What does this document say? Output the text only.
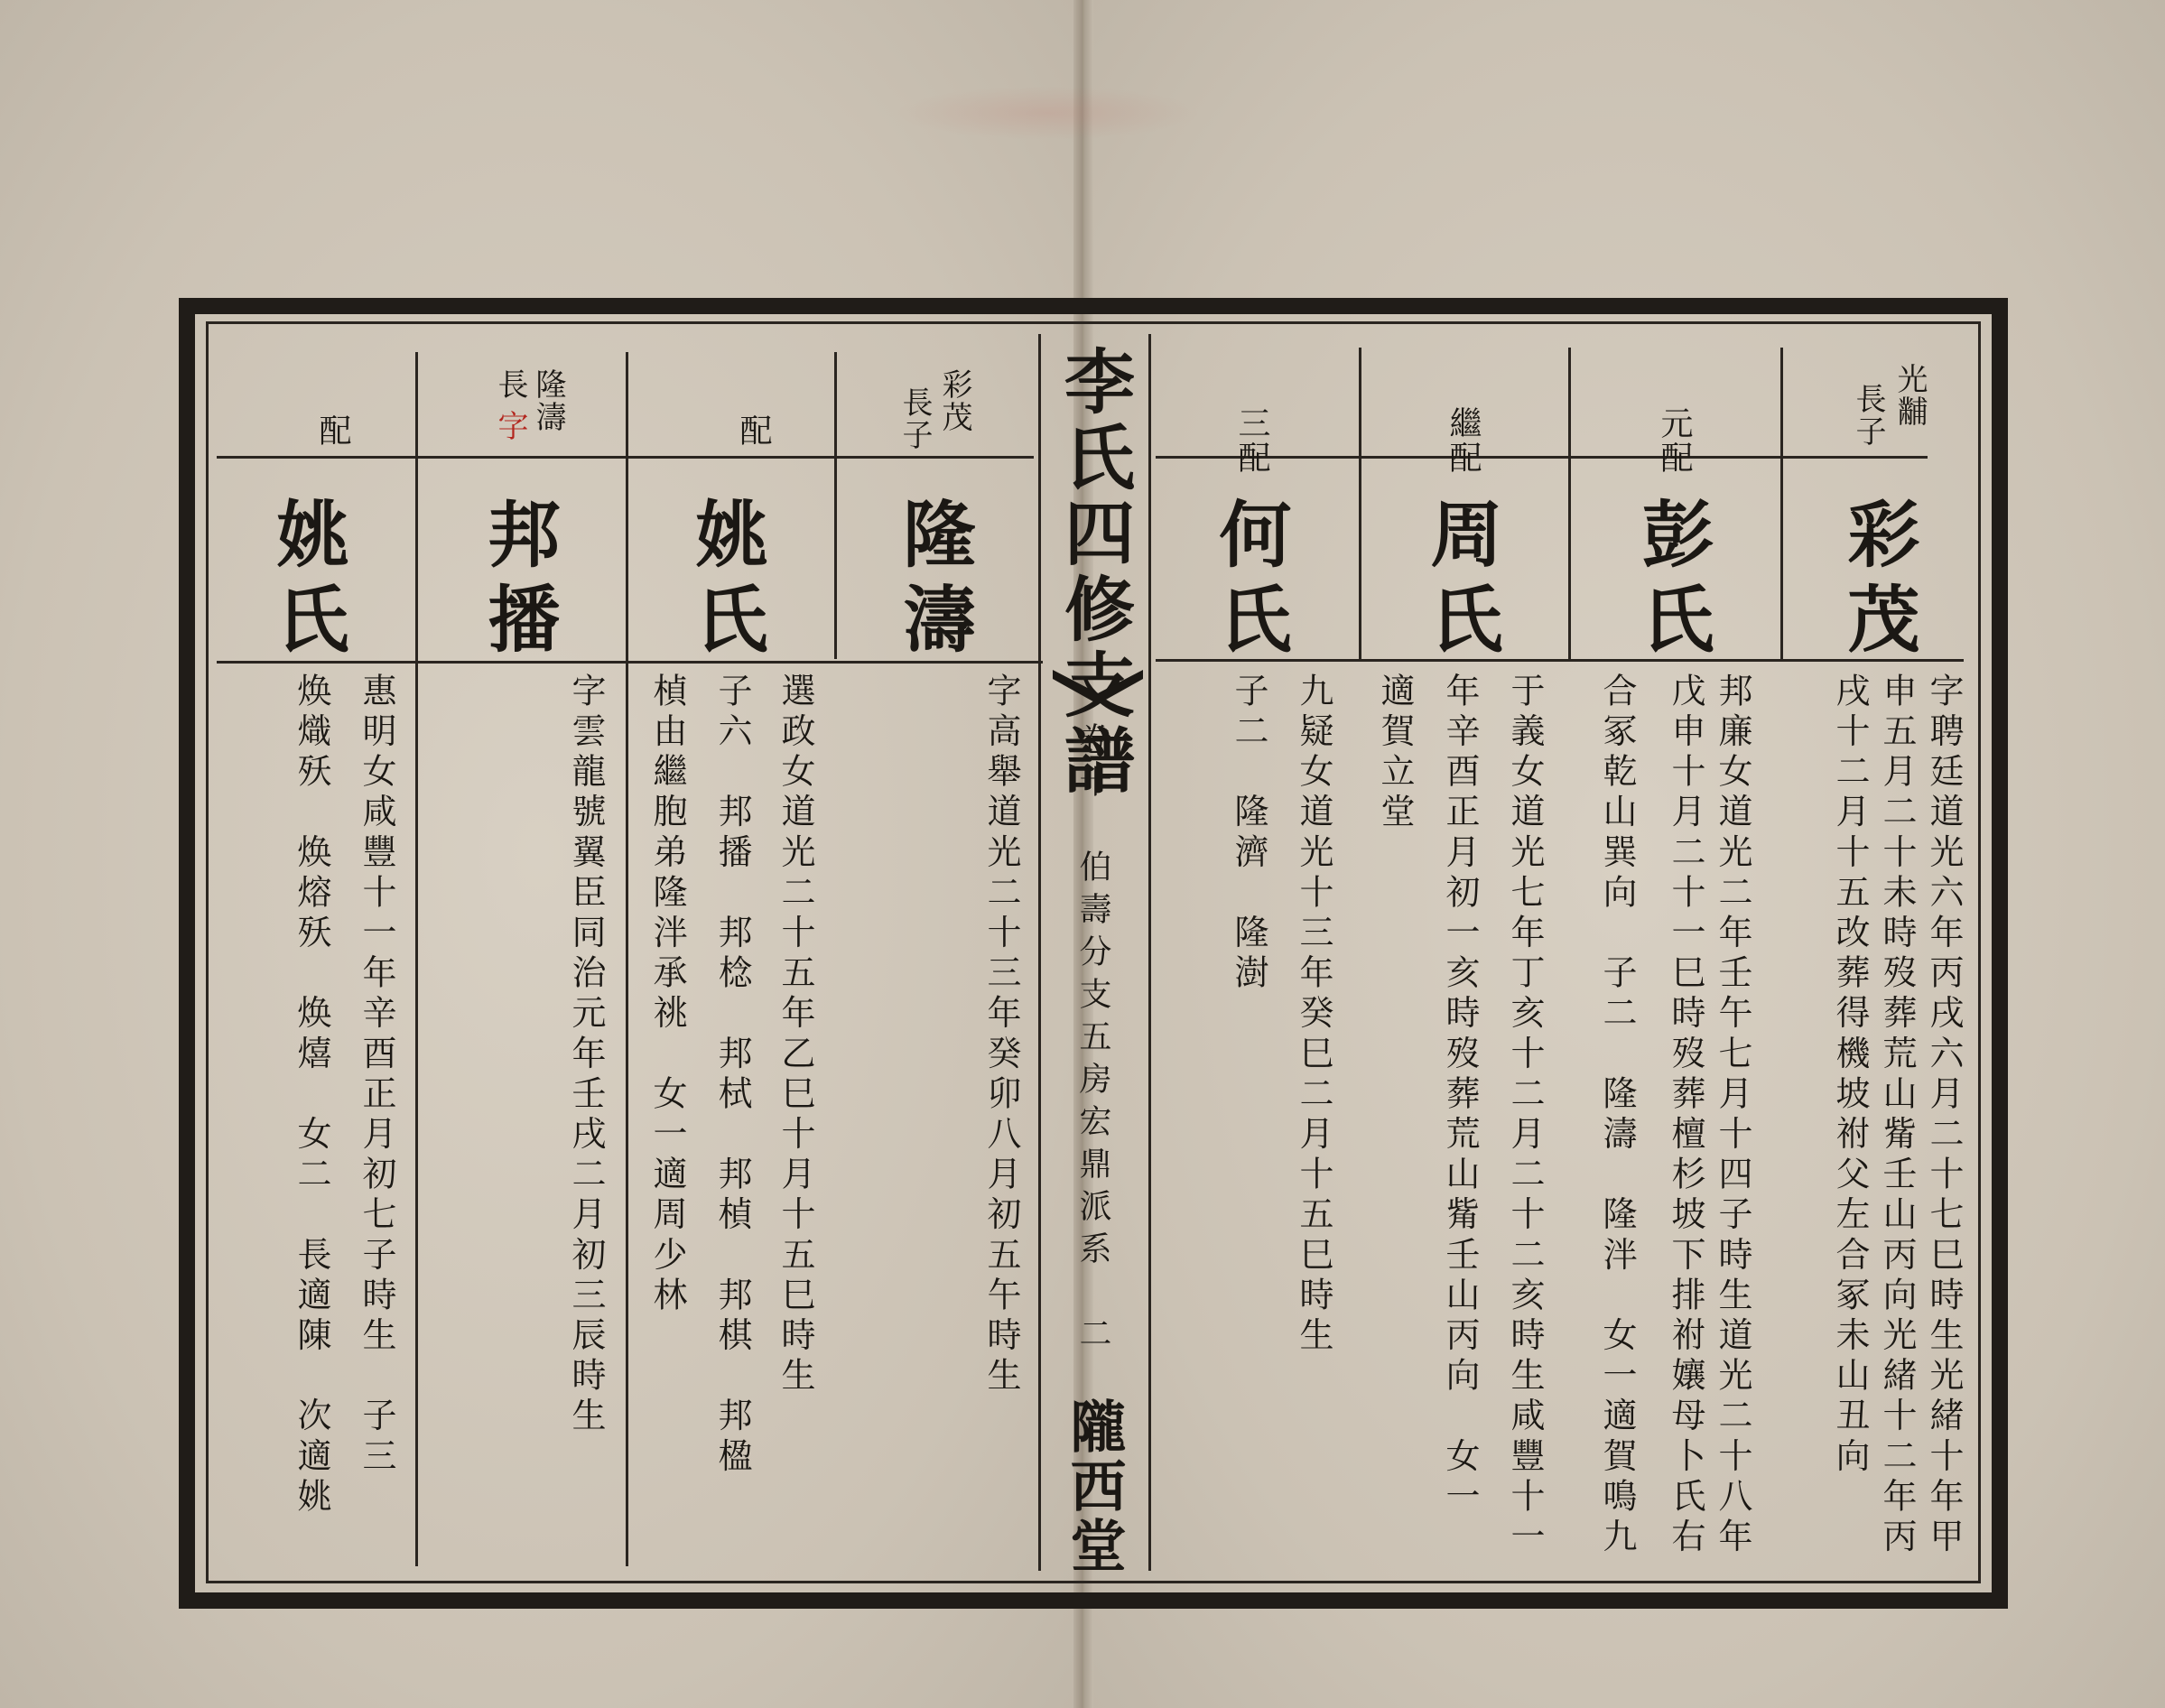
李氏四修支譜
卷十　伯壽分支五房宏鼎派系　二
隴西堂
光黼
長子
彩茂
字聘廷道光六年丙戌六月二十七巳時生光緒十年甲
申五月二十未時歿葬荒山觜壬山丙向光緒十二年丙
戌十二月十五改葬得機坡祔父左合冢未山丑向
元配
彭氏
邦廉女道光二年壬午七月十四子時生道光二十八年
戊申十月二十一巳時歿葬檀杉坡下排祔孃母卜氏右
合冢乾山巽向　子二　隆濤　隆泮　女一適賀鳴九
繼配
周氏
于義女道光七年丁亥十二月二十二亥時生咸豐十一
年辛酉正月初一亥時歿葬荒山觜壬山丙向　女一
適賀立堂
三配
何氏
九疑女道光十三年癸巳二月十五巳時生
子二　隆濟　隆澍
彩茂
長子
隆濤
字高舉道光二十三年癸卯八月初五午時生
配
姚氏
選政女道光二十五年乙巳十月十五巳時生
子六　邦播　邦棯　邦栻　邦楨　邦棋　邦楹
楨由繼胞弟隆泮承祧　女一適周少林
隆濤
長
字
邦播
字雲龍號翼臣同治元年壬戌二月初三辰時生
配
姚氏
惠明女咸豐十一年辛酉正月初七子時生　子三
焕熾殀　焕熔殀　焕熺　女二　長適陳　次適姚
